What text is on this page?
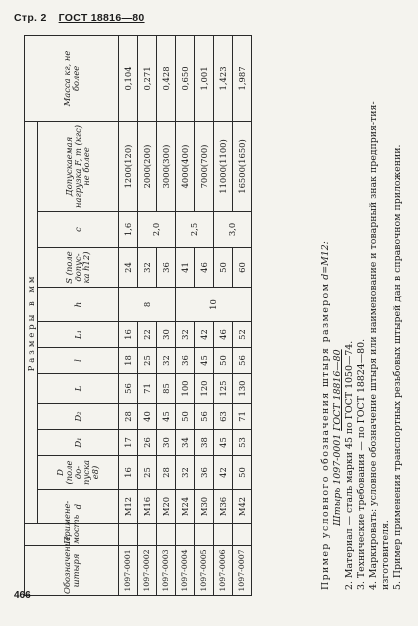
Стр. 2 ГОСТ 18816—80
Обозначение штыря	Примене-мость	Размеры в мм											Масса кг, не более
		d	D (поле до-пуска e8)	D₁	D₂	L	l	L₁	h	S (поле допус-ка h12)	c	Допускаемая нагрузка F, т (кгс) не более	
1097-0001		M12	16	17	28	56	18	16	8	24	1,6	1200(120)	0,104
1097-0002		M16	25	26	40	71	25	22		32	2,0	2000(200)	0,271
1097-0003		M20	28	30	45	85	32	30		36		3000(300)	0,428
1097-0004		M24	32	34	50	100	36	32	10	41	2,5	4000(400)	0,650
1097-0005		M30	36	38	56	120	45	42		46		7000(700)	1,001
1097-0006		M36	42	45	63	125	50	46		50	3,0	11000(1100)	1,423
1097-0007		M42	50	53	71	130	56	52		60		16500(1650)	1,987

Пример условного обозначения штыря размером d=M12:

Штырь 1097-0001 ГОСТ 18816—80 2. Материал — сталь марки 45 по ГОСТ 1050—74. 3. Технические требования — по ГОСТ 18824—80. 4. Маркировать: условное обозначение штыря или наименование и товарный знак предприя-тия-изготовителя. 5. Пример применения транспортных резьбовых штырей дан в справочном приложении.

466
